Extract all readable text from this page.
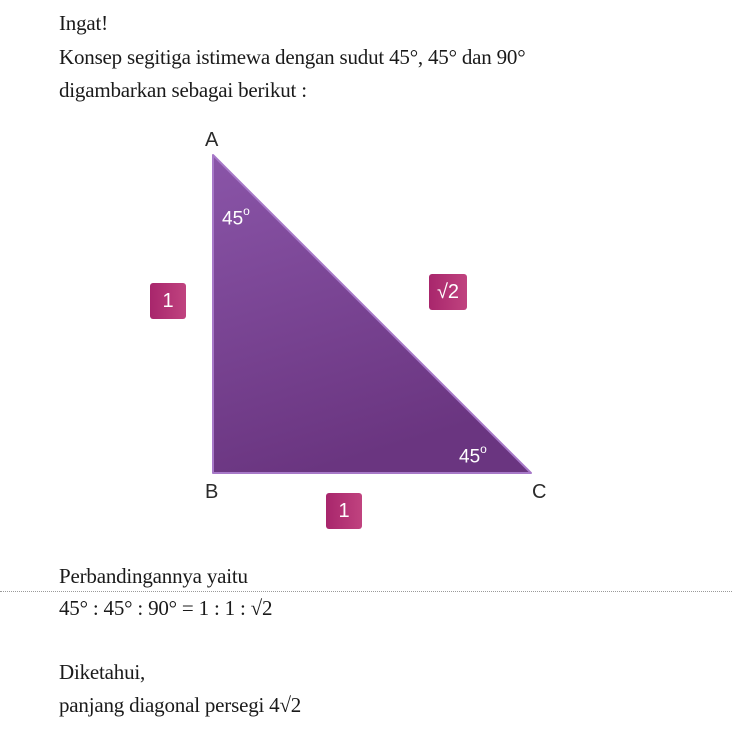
Ingat!
Konsep segitiga istimewa dengan sudut 45°, 45° dan 90°
digambarkan sebagai berikut :
A
B	C
45$^o$
45$^o$
1	√2
1
Perbandingannya yaitu
45° : 45° : 90° = 1 : 1 : √2
Diketahui,
panjang diagonal persegi 4√2
